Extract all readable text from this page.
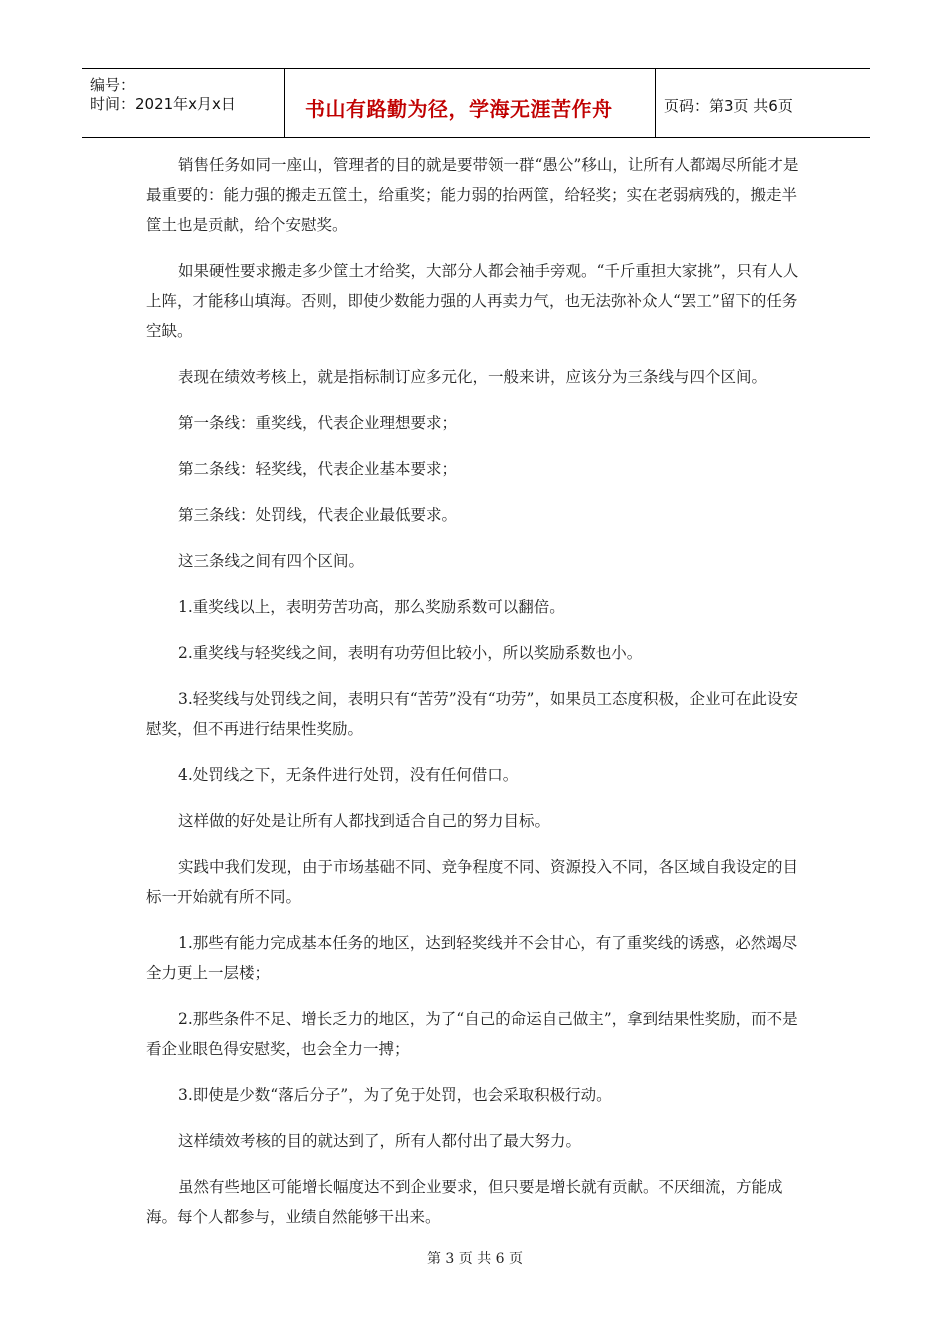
编号：
时间：2021年x月x日	书山有路勤为径，学海无涯苦作舟	页码：第3页 共6页

销售任务如同一座山，管理者的目的就是要带领一群“愚公”移山，让所有人都竭尽所能才是最重要的：能力强的搬走五筐土，给重奖；能力弱的抬两筐，给轻奖；实在老弱病残的，搬走半筐土也是贡献，给个安慰奖。

如果硬性要求搬走多少筐土才给奖，大部分人都会袖手旁观。“千斤重担大家挑”，只有人人上阵，才能移山填海。否则，即使少数能力强的人再卖力气，也无法弥补众人“罢工”留下的任务空缺。

表现在绩效考核上，就是指标制订应多元化，一般来讲，应该分为三条线与四个区间。

第一条线：重奖线，代表企业理想要求；

第二条线：轻奖线，代表企业基本要求；

第三条线：处罚线，代表企业最低要求。

这三条线之间有四个区间。

1.重奖线以上，表明劳苦功高，那么奖励系数可以翻倍。

2.重奖线与轻奖线之间，表明有功劳但比较小，所以奖励系数也小。

3.轻奖线与处罚线之间，表明只有“苦劳”没有“功劳”，如果员工态度积极，企业可在此设安慰奖，但不再进行结果性奖励。

4.处罚线之下，无条件进行处罚，没有任何借口。

这样做的好处是让所有人都找到适合自己的努力目标。

实践中我们发现，由于市场基础不同、竞争程度不同、资源投入不同，各区域自我设定的目标一开始就有所不同。

1.那些有能力完成基本任务的地区，达到轻奖线并不会甘心，有了重奖线的诱惑，必然竭尽全力更上一层楼；

2.那些条件不足、增长乏力的地区，为了“自己的命运自己做主”，拿到结果性奖励，而不是看企业眼色得安慰奖，也会全力一搏；

3.即使是少数“落后分子”，为了免于处罚，也会采取积极行动。

这样绩效考核的目的就达到了，所有人都付出了最大努力。

虽然有些地区可能增长幅度达不到企业要求，但只要是增长就有贡献。不厌细流，方能成海。每个人都参与，业绩自然能够干出来。

第 3 页 共 6 页
